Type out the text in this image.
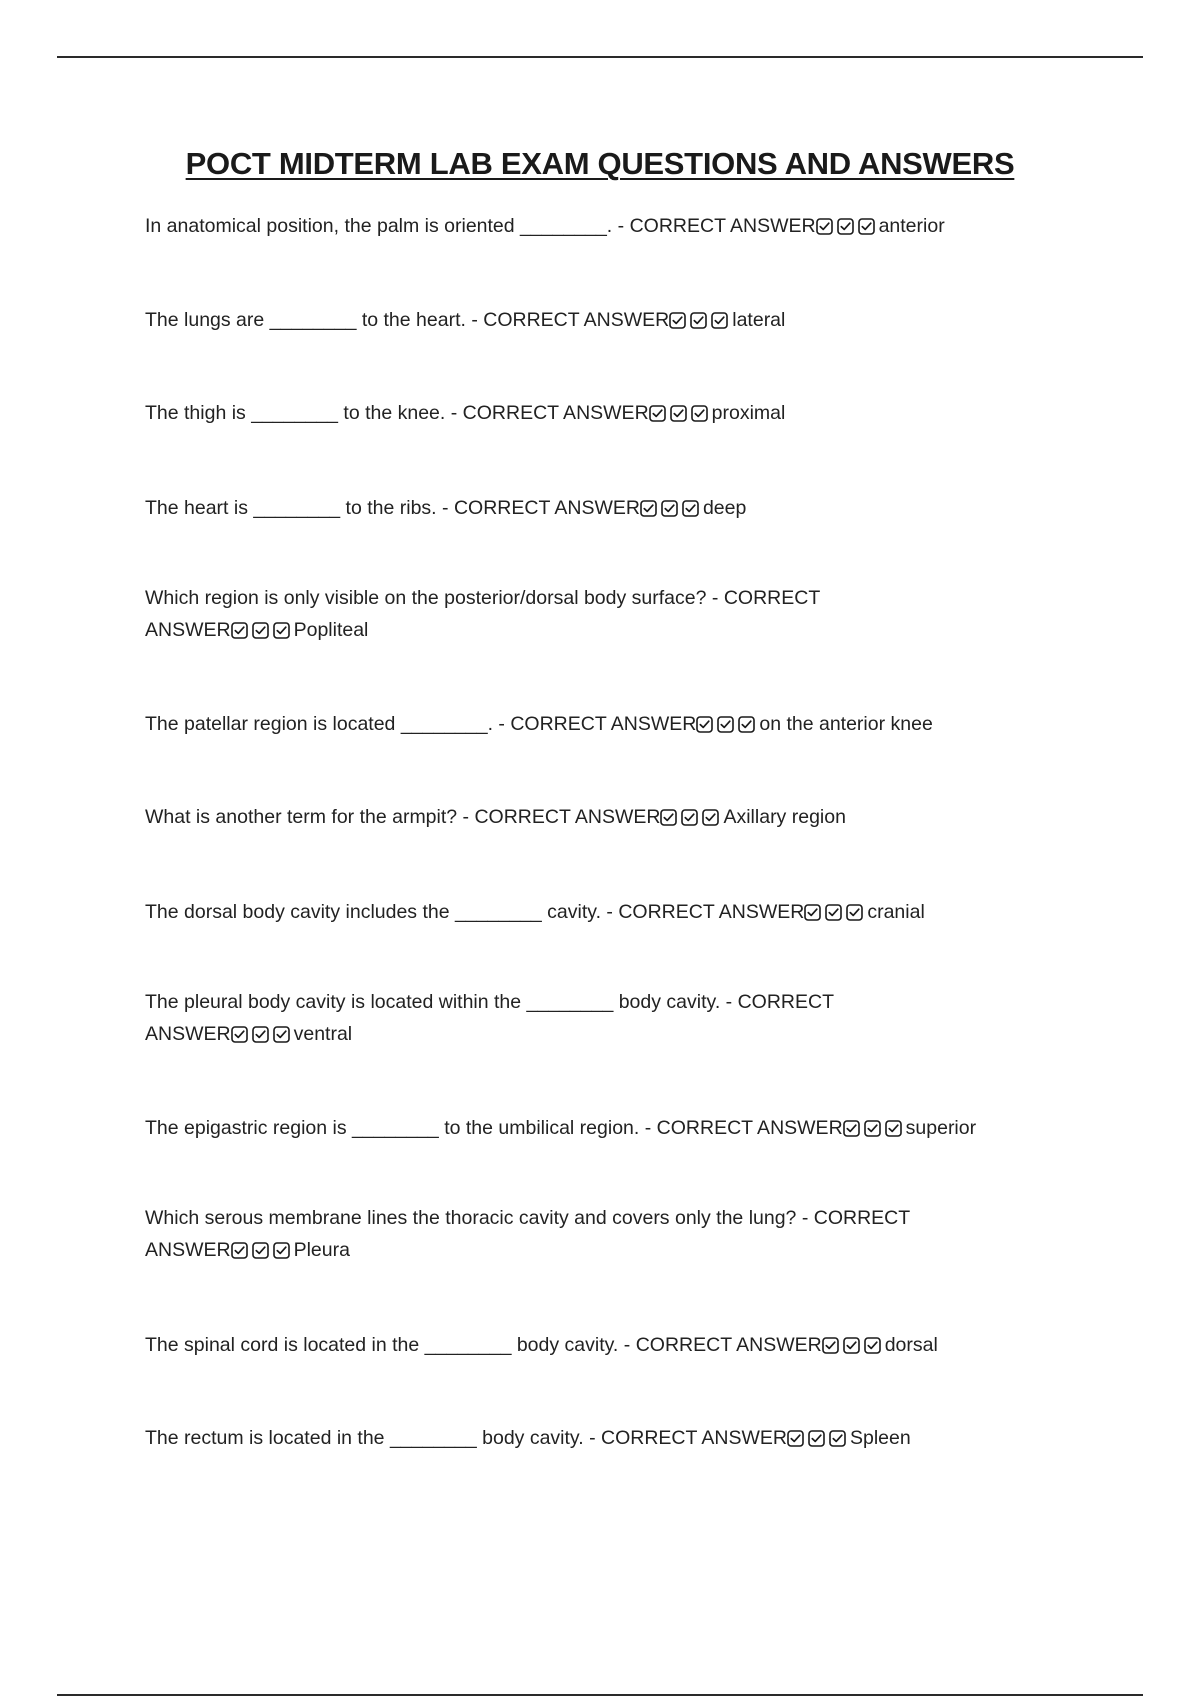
POCT MIDTERM LAB EXAM QUESTIONS AND ANSWERS
In anatomical position, the palm is oriented ________. - CORRECT ANSWER	anterior
The lungs are ________ to the heart. - CORRECT ANSWER	lateral
The thigh is ________ to the knee. - CORRECT ANSWER	proximal
The heart is ________ to the ribs. - CORRECT ANSWER	deep
Which region is only visible on the posterior/dorsal body surface? - CORRECT ANSWER	Popliteal
The patellar region is located ________. - CORRECT ANSWER	on the anterior knee
What is another term for the armpit? - CORRECT ANSWER	Axillary region
The dorsal body cavity includes the ________ cavity. - CORRECT ANSWER	cranial
The pleural body cavity is located within the ________ body cavity. - CORRECT ANSWER	ventral
The epigastric region is ________ to the umbilical region. - CORRECT ANSWER	superior
Which serous membrane lines the thoracic cavity and covers only the lung? - CORRECT ANSWER	Pleura
The spinal cord is located in the ________ body cavity. - CORRECT ANSWER	dorsal
The rectum is located in the ________ body cavity. - CORRECT ANSWER	Spleen
